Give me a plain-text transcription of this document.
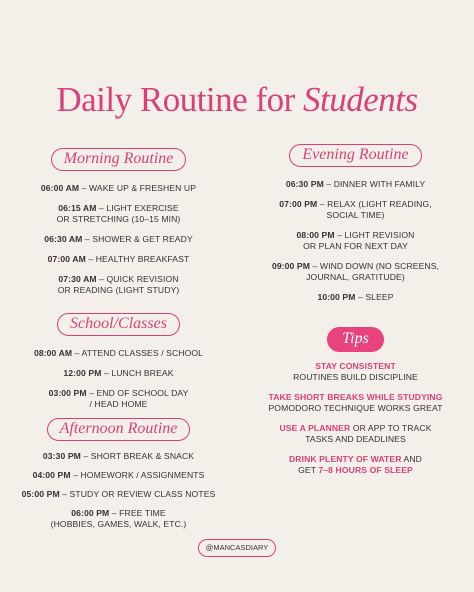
Daily Routine for Students
Morning Routine
06:00 AM – WAKE UP & FRESHEN UP
06:15 AM – LIGHT EXERCISE
OR STRETCHING (10–15 MIN)
06:30 AM – SHOWER & GET READY
07:00 AM – HEALTHY BREAKFAST
07:30 AM – QUICK REVISION
OR READING (LIGHT STUDY)
School/Classes
08:00 AM – ATTEND CLASSES / SCHOOL
12:00 PM – LUNCH BREAK
03:00 PM – END OF SCHOOL DAY
/ HEAD HOME
Afternoon Routine
03:30 PM – SHORT BREAK & SNACK
04:00 PM – HOMEWORK / ASSIGNMENTS
05:00 PM – STUDY OR REVIEW CLASS NOTES
06:00 PM – FREE TIME
(HOBBIES, GAMES, WALK, ETC.)
Evening Routine
06:30 PM – DINNER WITH FAMILY
07:00 PM – RELAX (LIGHT READING,
SOCIAL TIME)
08:00 PM – LIGHT REVISION
OR PLAN FOR NEXT DAY
09:00 PM – WIND DOWN (NO SCREENS,
JOURNAL, GRATITUDE)
10:00 PM – SLEEP
Tips
STAY CONSISTENT
ROUTINES BUILD DISCIPLINE
TAKE SHORT BREAKS WHILE STUDYING
POMODORO TECHNIQUE WORKS GREAT
USE A PLANNER OR APP TO TRACK
TASKS AND DEADLINES
DRINK PLENTY OF WATER AND
GET 7–8 HOURS OF SLEEP
@MANCASDIARY
